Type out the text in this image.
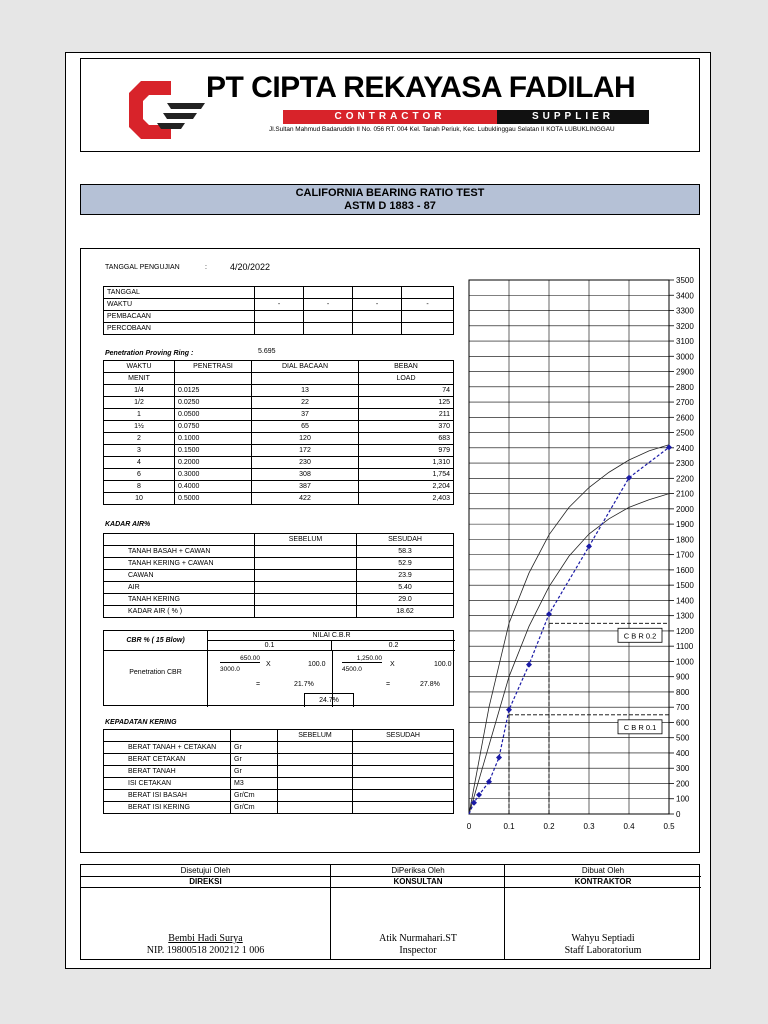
PT CIPTA REKAYASA FADILAH
CONTRACTOR	SUPPLIER
Jl.Sultan Mahmud Badaruddin II No. 056 RT. 004 Kel. Tanah Periuk, Kec. Lubuklinggau Selatan II KOTA LUBUKLINGGAU
CALIFORNIA BEARING RATIO TEST
ASTM D 1883 - 87
TANGGAL PENGUJIAN	:	4/20/2022
TANGGAL				
WAKTU	-	-	-	-
PEMBACAAN				
PERCOBAAN				
Penetration Proving Ring :	5.695
WAKTU	PENETRASI	DIAL BACAAN	BEBAN
MENIT			LOAD
1/4	0.0125	13	74
1/2	0.0250	22	125
1	0.0500	37	211
1½	0.0750	65	370
2	0.1000	120	683
3	0.1500	172	979
4	0.2000	230	1,310
6	0.3000	308	1,754
8	0.4000	387	2,204
10	0.5000	422	2,403
KADAR AIR%
	SEBELUM	SESUDAH
TANAH BASAH + CAWAN		58.3
TANAH KERING + CAWAN		52.9
CAWAN		23.9
AIR		5.40
TANAH KERING		29.0
KADAR AIR ( % )		18.62
CBR % ( 15 Blow)
NILAI C.B.R
0.1	0.2
Penetration CBR
650.00
3000.0
X	100.0
=	21.7%
1,250.00
4500.0
X	100.0
=	27.8%
24.7%
KEPADATAN KERING
		SEBELUM	SESUDAH
BERAT TANAH + CETAKAN	Gr		
BERAT CETAKAN	Gr		
BERAT TANAH	Gr		
ISI CETAKAN	M3		
BERAT ISI BASAH	Gr/Cm		
BERAT ISI KERING	Gr/Cm		
0
100
200
300
400
500
600
700
800
900
1000
1100
1200
1300
1400
1500
1600
1700
1800
1900
2000
2100
2200
2300
2400
2500
2600
2700
2800
2900
3000
3100
3200
3300
3400
3500
0	0.1	0.2	0.3	0.4	0.5
C B R 0.2
C B R 0.1
Disetujui Oleh
DIREKSI
Bembi Hadi Surya
NIP. 19800518 200212 1 006
DiPeriksa Oleh
KONSULTAN
Atik Nurmahari.ST
Inspector
Dibuat Oleh
KONTRAKTOR
Wahyu Septiadi
Staff Laboratorium
